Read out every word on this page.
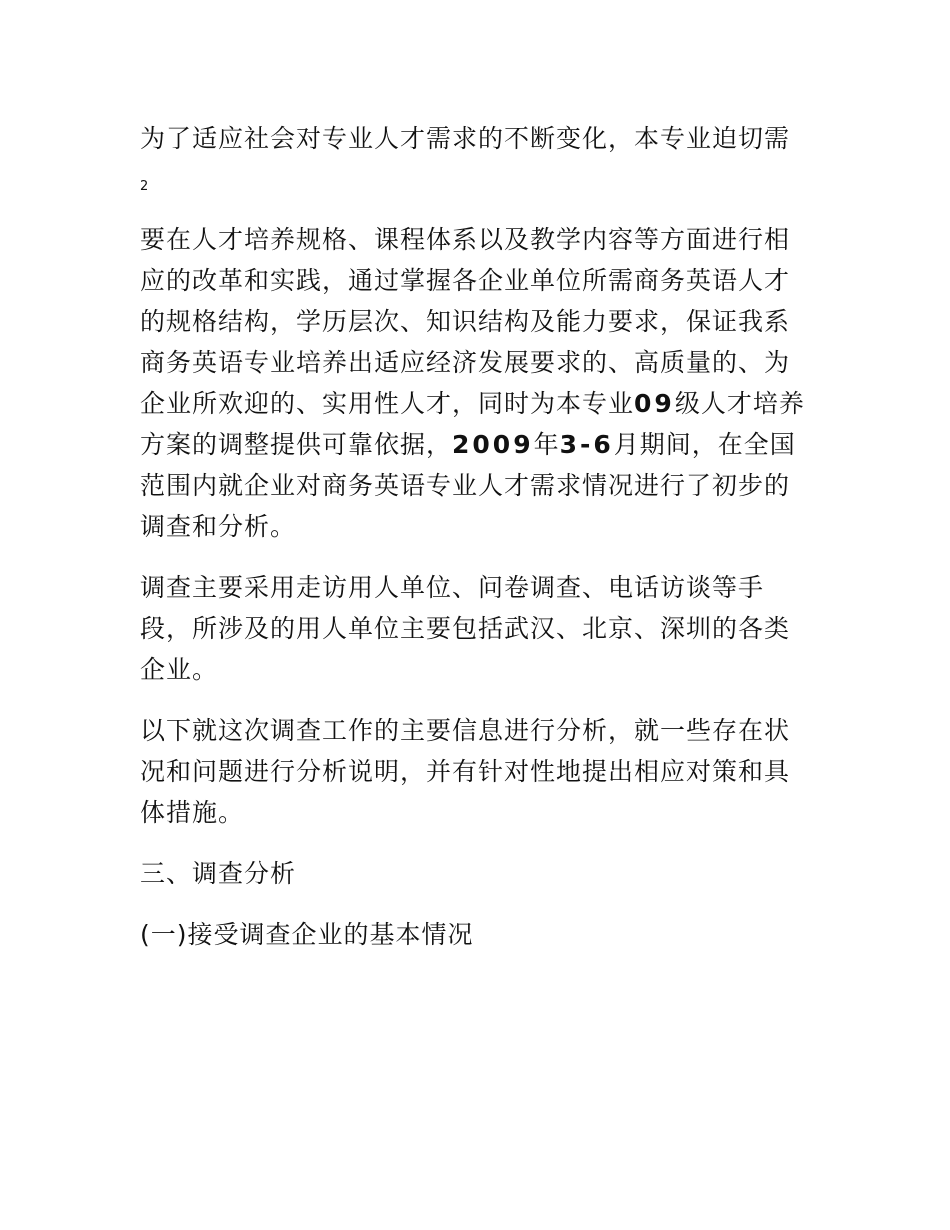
为了适应社会对专业人才需求的不断变化，本专业迫切需

2

要在人才培养规格、课程体系以及教学内容等方面进行相应的改革和实践，通过掌握各企业单位所需商务英语人才的规格结构，学历层次、知识结构及能力要求，保证我系商务英语专业培养出适应经济发展要求的、高质量的、为企业所欢迎的、实用性人才，同时为本专业09级人才培养方案的调整提供可靠依据，2009年3-6月期间，在全国范围内就企业对商务英语专业人才需求情况进行了初步的调查和分析。

调查主要采用走访用人单位、问卷调查、电话访谈等手段，所涉及的用人单位主要包括武汉、北京、深圳的各类企业。

以下就这次调查工作的主要信息进行分析，就一些存在状况和问题进行分析说明，并有针对性地提出相应对策和具体措施。

三、调查分析

(一)接受调查企业的基本情况
